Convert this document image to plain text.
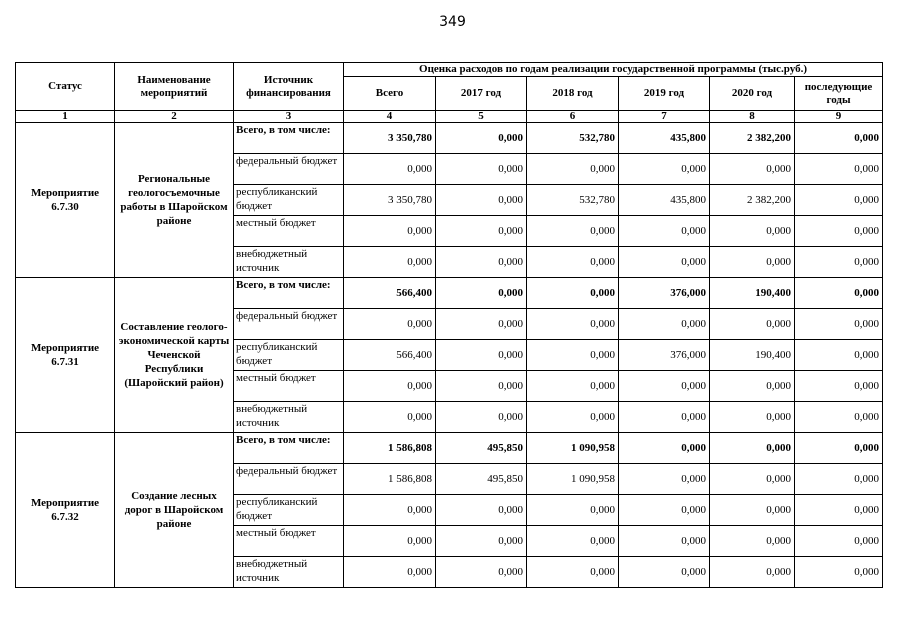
349
Статус	Наименование мероприятий	Источник финансирования	Оценка расходов по годам реализации государственной программы (тыс.руб.)					
			Всего	2017 год	2018 год	2019 год	2020 год	последующие годы
1	2	3	4	5	6	7	8	9
Мероприятие 6.7.30	Региональные геологосъемочные работы в Шаройском районе	Всего, в том числе:	3 350,780	0,000	532,780	435,800	2 382,200	0,000
		федеральный бюджет	0,000	0,000	0,000	0,000	0,000	0,000
		республиканский бюджет	3 350,780	0,000	532,780	435,800	2 382,200	0,000
		местный бюджет	0,000	0,000	0,000	0,000	0,000	0,000
		внебюджетный источник	0,000	0,000	0,000	0,000	0,000	0,000
Мероприятие 6.7.31	Составление геолого-экономической карты Чеченской Республики (Шаройский район)	Всего, в том числе:	566,400	0,000	0,000	376,000	190,400	0,000
		федеральный бюджет	0,000	0,000	0,000	0,000	0,000	0,000
		республиканский бюджет	566,400	0,000	0,000	376,000	190,400	0,000
		местный бюджет	0,000	0,000	0,000	0,000	0,000	0,000
		внебюджетный источник	0,000	0,000	0,000	0,000	0,000	0,000
Мероприятие 6.7.32	Создание лесных дорог в Шаройском районе	Всего, в том числе:	1 586,808	495,850	1 090,958	0,000	0,000	0,000
		федеральный бюджет	1 586,808	495,850	1 090,958	0,000	0,000	0,000
		республиканский бюджет	0,000	0,000	0,000	0,000	0,000	0,000
		местный бюджет	0,000	0,000	0,000	0,000	0,000	0,000
		внебюджетный источник	0,000	0,000	0,000	0,000	0,000	0,000
